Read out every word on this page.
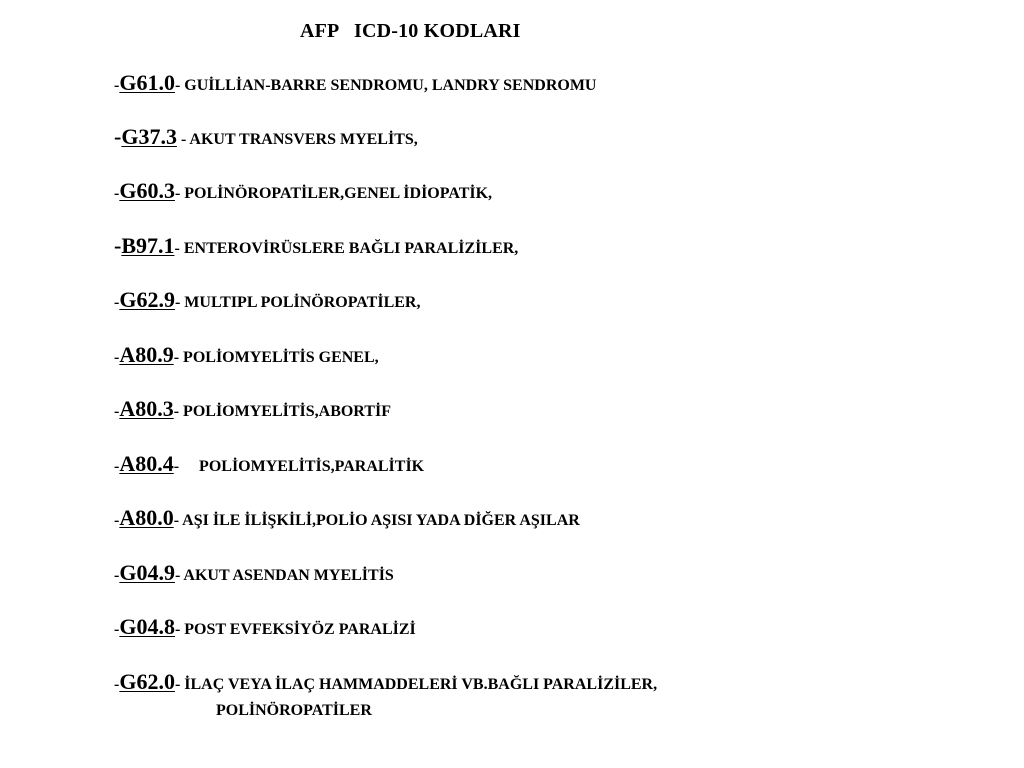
AFP   ICD-10 KODLARI
-G61.0- GUİLLİAN-BARRE SENDROMU, LANDRY SENDROMU
-G37.3 - AKUT TRANSVERS MYELİTS,
-G60.3- POLİNÖROPATİLER,GENEL İDİOPATİK,
-B97.1- ENTEROVİRÜSLERE BAĞLI PARALİZİLER,
-G62.9- MULTIPL POLİNÖROPATİLER,
-A80.9- POLİOMYELİTİS GENEL,
-A80.3- POLİOMYELİTİS,ABORTİF
-A80.4-     POLİOMYELİTİS,PARALİTİK
-A80.0- AŞI İLE İLİŞKİLİ,POLİO AŞISI YADA DİĞER AŞILAR
-G04.9- AKUT ASENDAN MYELİTİS
-G04.8- POST EVFEKSİYÖZ PARALİZİ
-G62.0- İLAÇ VEYA İLAÇ HAMMADDELERİ VB.BAĞLI PARALİZİLER,
POLİNÖROPATİLER
